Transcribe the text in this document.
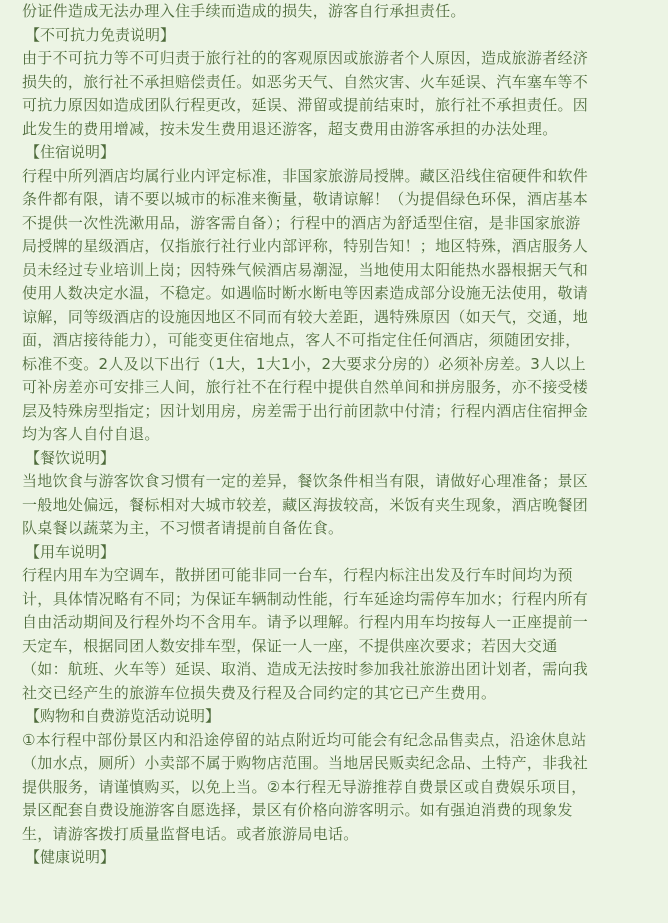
份证件造成无法办理入住手续而造成的损失，游客自行承担责任。
【不可抗力免责说明】
由于不可抗力等不可归责于旅行社的的客观原因或旅游者个人原因，造成旅游者经济
损失的，旅行社不承担赔偿责任。如恶劣天气、自然灾害、火车延误、汽车塞车等不
可抗力原因如造成团队行程更改，延误、滞留或提前结束时，旅行社不承担责任。因
此发生的费用增减，按未发生费用退还游客，超支费用由游客承担的办法处理。
【住宿说明】
行程中所列酒店均属行业内评定标准，非国家旅游局授牌。藏区沿线住宿硬件和软件
条件都有限，请不要以城市的标准来衡量，敬请谅解！（为提倡绿色环保，酒店基本
不提供一次性洗漱用品，游客需自备）；行程中的酒店为舒适型住宿，是非国家旅游
局授牌的星级酒店，仅指旅行社行业内部评称，特别告知！；地区特殊，酒店服务人
员未经过专业培训上岗；因特殊气候酒店易潮湿，当地使用太阳能热水器根据天气和
使用人数决定水温，不稳定。如遇临时断水断电等因素造成部分设施无法使用，敬请
谅解，同等级酒店的设施因地区不同而有较大差距，遇特殊原因（如天气，交通，地
面，酒店接待能力），可能变更住宿地点，客人不可指定住任何酒店，须随团安排，
标准不变。2人及以下出行（1大，1大1小，2大要求分房的）必须补房差。3人以上
可补房差亦可安排三人间，旅行社不在行程中提供自然单间和拼房服务，亦不接受楼
层及特殊房型指定；因计划用房，房差需于出行前团款中付清；行程内酒店住宿押金
均为客人自付自退。
【餐饮说明】
当地饮食与游客饮食习惯有一定的差异，餐饮条件相当有限，请做好心理准备；景区
一般地处偏远，餐标相对大城市较差，藏区海拔较高，米饭有夹生现象，酒店晚餐团
队桌餐以蔬菜为主，不习惯者请提前自备佐食。
【用车说明】
行程内用车为空调车，散拼团可能非同一台车，行程内标注出发及行车时间均为预
计，具体情况略有不同；为保证车辆制动性能，行车延途均需停车加水；行程内所有
自由活动期间及行程外均不含用车。请予以理解。行程内用车均按每人一正座提前一
天定车，根据同团人数安排车型，保证一人一座，不提供座次要求；若因大交通
（如：航班、火车等）延误、取消、造成无法按时参加我社旅游出团计划者，需向我
社交已经产生的旅游车位损失费及行程及合同约定的其它已产生费用。
【购物和自费游览活动说明】
①本行程中部份景区内和沿途停留的站点附近均可能会有纪念品售卖点，沿途休息站
（加水点，厕所）小卖部不属于购物店范围。当地居民贩卖纪念品、土特产，非我社
提供服务，请谨慎购买，以免上当。②本行程无导游推荐自费景区或自费娱乐项目，
景区配套自费设施游客自愿选择，景区有价格向游客明示。如有强迫消费的现象发
生，请游客拨打质量监督电话。或者旅游局电话。
【健康说明】
